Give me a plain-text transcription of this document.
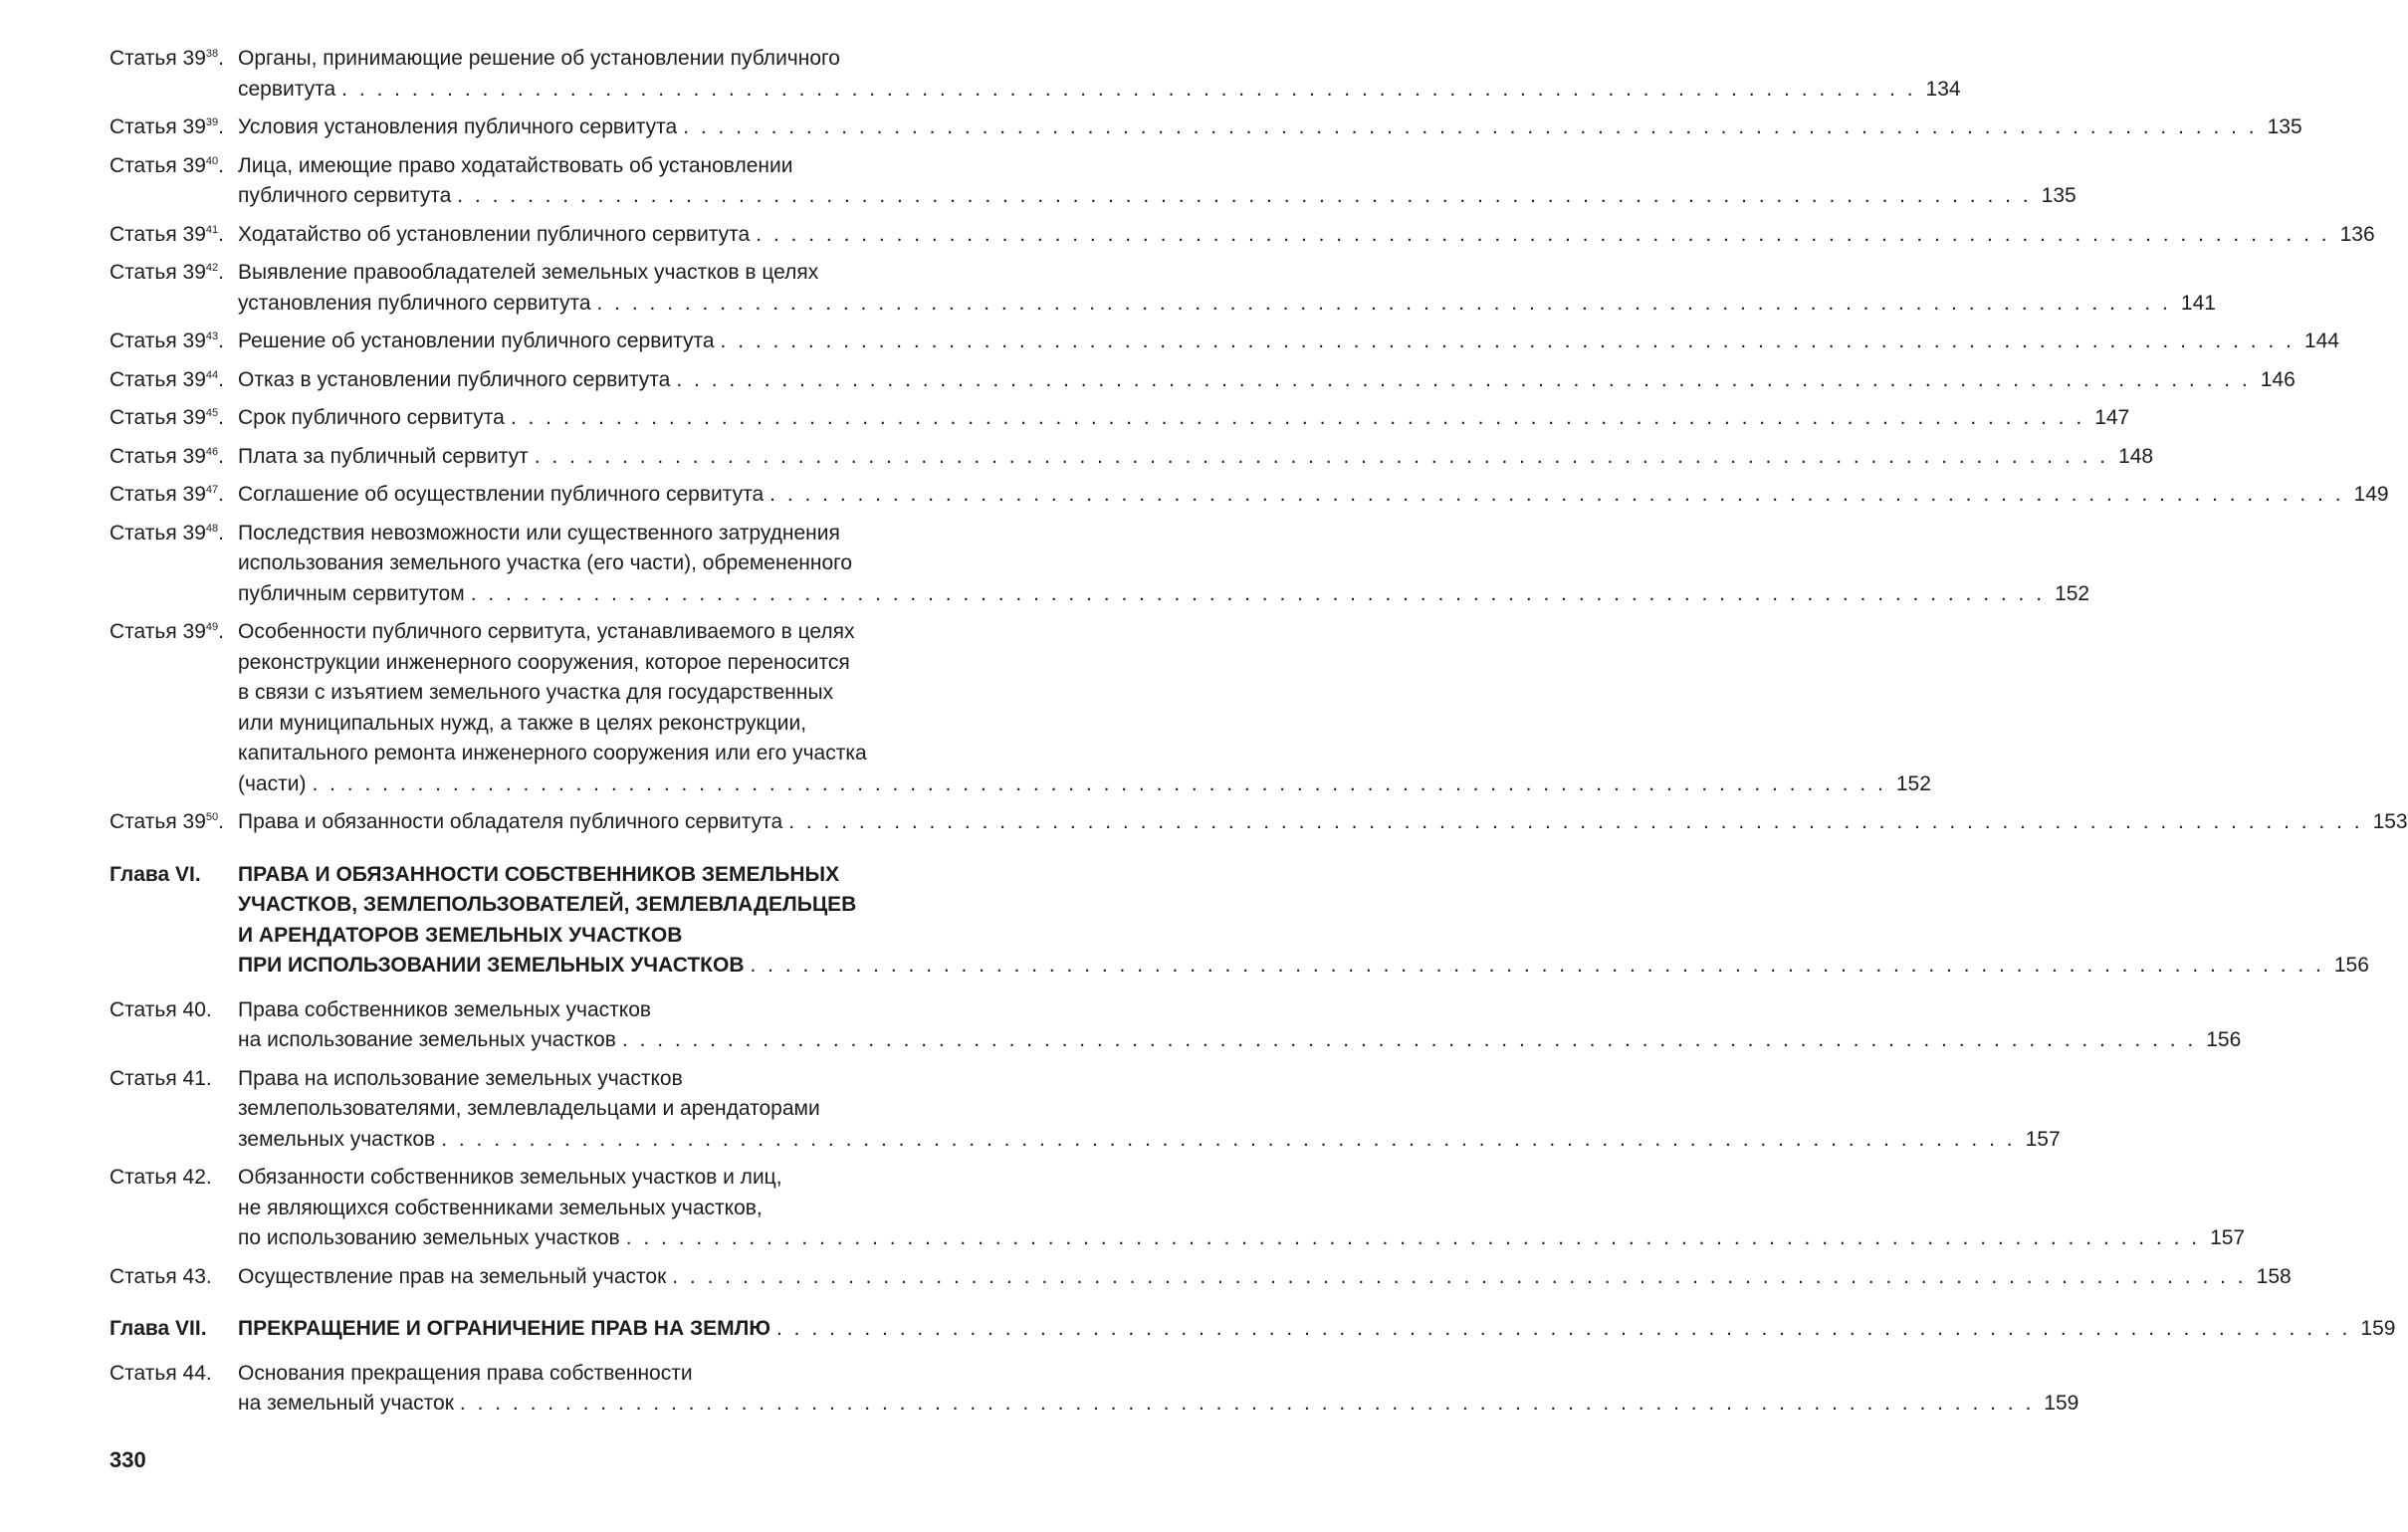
Статья $39^{38}$. Органы, принимающие решение об установлении публичного
сервитута . . . . . . . . . . . . . . . . . . . . . . . . . . . . . . . . . . . . . . . . . . . . . . . . . . . . . . . . . . . . . . . . . . . . . . . . . . . . . . . . . . . . . . . . . . 134
Статья $39^{39}$. Условия установления публичного сервитута . . . . . . . . . . . . . . . . . . . . . . . . . . . . . . . . . . . . . . . . . . . . . . . . . . . . . . . . . . . . . . . . . . . . . . . . . . . . . . . . . . . . . . . . . . 135
Статья $39^{40}$. Лица, имеющие право ходатайствовать об установлении
публичного сервитута . . . . . . . . . . . . . . . . . . . . . . . . . . . . . . . . . . . . . . . . . . . . . . . . . . . . . . . . . . . . . . . . . . . . . . . . . . . . . . . . . . . . . . . . . . 135
Статья $39^{41}$. Ходатайство об установлении публичного сервитута . . . . . . . . . . . . . . . . . . . . . . . . . . . . . . . . . . . . . . . . . . . . . . . . . . . . . . . . . . . . . . . . . . . . . . . . . . . . . . . . . . . . . . . . . . 136
Статья $39^{42}$. Выявление правообладателей земельных участков в целях
установления публичного сервитута . . . . . . . . . . . . . . . . . . . . . . . . . . . . . . . . . . . . . . . . . . . . . . . . . . . . . . . . . . . . . . . . . . . . . . . . . . . . . . . . . . . . . . . . . . 141
Статья $39^{43}$. Решение об установлении публичного сервитута . . . . . . . . . . . . . . . . . . . . . . . . . . . . . . . . . . . . . . . . . . . . . . . . . . . . . . . . . . . . . . . . . . . . . . . . . . . . . . . . . . . . . . . . . . 144
Статья $39^{44}$. Отказ в установлении публичного сервитута . . . . . . . . . . . . . . . . . . . . . . . . . . . . . . . . . . . . . . . . . . . . . . . . . . . . . . . . . . . . . . . . . . . . . . . . . . . . . . . . . . . . . . . . . . 146
Статья $39^{45}$. Срок публичного сервитута . . . . . . . . . . . . . . . . . . . . . . . . . . . . . . . . . . . . . . . . . . . . . . . . . . . . . . . . . . . . . . . . . . . . . . . . . . . . . . . . . . . . . . . . . . 147
Статья $39^{46}$. Плата за публичный сервитут . . . . . . . . . . . . . . . . . . . . . . . . . . . . . . . . . . . . . . . . . . . . . . . . . . . . . . . . . . . . . . . . . . . . . . . . . . . . . . . . . . . . . . . . . . 148
Статья $39^{47}$. Соглашение об осуществлении публичного сервитута . . . . . . . . . . . . . . . . . . . . . . . . . . . . . . . . . . . . . . . . . . . . . . . . . . . . . . . . . . . . . . . . . . . . . . . . . . . . . . . . . . . . . . . . . . 149
Статья $39^{48}$. Последствия невозможности или существенного затруднения
использования земельного участка (его части), обремененного
публичным сервитутом . . . . . . . . . . . . . . . . . . . . . . . . . . . . . . . . . . . . . . . . . . . . . . . . . . . . . . . . . . . . . . . . . . . . . . . . . . . . . . . . . . . . . . . . . . 152
Статья $39^{49}$. Особенности публичного сервитута, устанавливаемого в целях
реконструкции инженерного сооружения, которое переносится
в связи с изъятием земельного участка для государственных
или муниципальных нужд, а также в целях реконструкции,
капитального ремонта инженерного сооружения или его участка
(части) . . . . . . . . . . . . . . . . . . . . . . . . . . . . . . . . . . . . . . . . . . . . . . . . . . . . . . . . . . . . . . . . . . . . . . . . . . . . . . . . . . . . . . . . . . 152
Статья $39^{50}$. Права и обязанности обладателя публичного сервитута . . . . . . . . . . . . . . . . . . . . . . . . . . . . . . . . . . . . . . . . . . . . . . . . . . . . . . . . . . . . . . . . . . . . . . . . . . . . . . . . . . . . . . . . . . 153
Глава VI. ПРАВА И ОБЯЗАННОСТИ СОБСТВЕННИКОВ ЗЕМЕЛЬНЫХ
УЧАСТКОВ, ЗЕМЛЕПОЛЬЗОВАТЕЛЕЙ, ЗЕМЛЕВЛАДЕЛЬЦЕВ
И АРЕНДАТОРОВ ЗЕМЕЛЬНЫХ УЧАСТКОВ
ПРИ ИСПОЛЬЗОВАНИИ ЗЕМЕЛЬНЫХ УЧАСТКОВ . . . . . . . . . . . . . . . . . . . . . . . . . . . . . . . . . . . . . . . . . . . . . . . . . . . . . . . . . . . . . . . . . . . . . . . . . . . . . . . . . . . . . . . . . . 156
Статья 40. Права собственников земельных участков
на использование земельных участков . . . . . . . . . . . . . . . . . . . . . . . . . . . . . . . . . . . . . . . . . . . . . . . . . . . . . . . . . . . . . . . . . . . . . . . . . . . . . . . . . . . . . . . . . . 156
Статья 41. Права на использование земельных участков
землепользователями, землевладельцами и арендаторами
земельных участков . . . . . . . . . . . . . . . . . . . . . . . . . . . . . . . . . . . . . . . . . . . . . . . . . . . . . . . . . . . . . . . . . . . . . . . . . . . . . . . . . . . . . . . . . . 157
Статья 42. Обязанности собственников земельных участков и лиц,
не являющихся собственниками земельных участков,
по использованию земельных участков . . . . . . . . . . . . . . . . . . . . . . . . . . . . . . . . . . . . . . . . . . . . . . . . . . . . . . . . . . . . . . . . . . . . . . . . . . . . . . . . . . . . . . . . . . 157
Статья 43. Осуществление прав на земельный участок . . . . . . . . . . . . . . . . . . . . . . . . . . . . . . . . . . . . . . . . . . . . . . . . . . . . . . . . . . . . . . . . . . . . . . . . . . . . . . . . . . . . . . . . . . 158
Глава VII. ПРЕКРАЩЕНИЕ И ОГРАНИЧЕНИЕ ПРАВ НА ЗЕМЛЮ . . . . . . . . . . . . . . . . . . . . . . . . . . . . . . . . . . . . . . . . . . . . . . . . . . . . . . . . . . . . . . . . . . . . . . . . . . . . . . . . . . . . . . . . . . 159
Статья 44. Основания прекращения права собственности
на земельный участок . . . . . . . . . . . . . . . . . . . . . . . . . . . . . . . . . . . . . . . . . . . . . . . . . . . . . . . . . . . . . . . . . . . . . . . . . . . . . . . . . . . . . . . . . . 159
330
